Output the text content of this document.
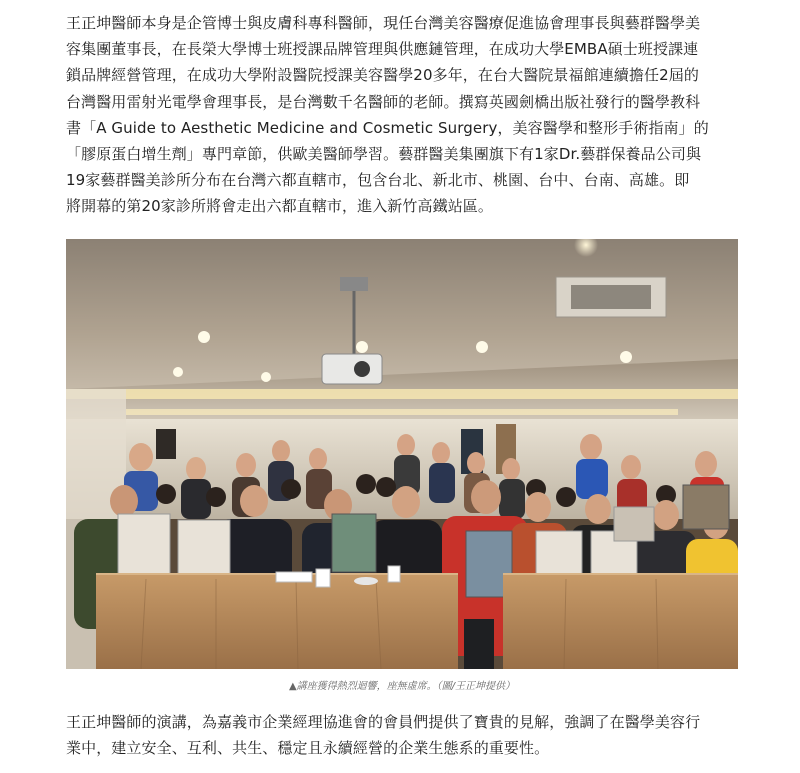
王正坤醫師本身是企管博士與皮膚科專科醫師，現任台灣美容醫療促進協會理事長與藝群醫學美
容集團董事長，在長榮大學博士班授課品牌管理與供應鏈管理，在成功大學EMBA碩士班授課連
鎖品牌經營管理，在成功大學附設醫院授課美容醫學20多年，在台大醫院景福館連續擔任2屆的
台灣醫用雷射光電學會理事長，是台灣數千名醫師的老師。撰寫英國劍橋出版社發行的醫學教科
書「A Guide to Aesthetic Medicine and Cosmetic Surgery，美容醫學和整形手術指南」的
「膠原蛋白增生劑」專門章節，供歐美醫師學習。藝群醫美集團旗下有1家Dr.藝群保養品公司與
19家藝群醫美診所分布在台灣六都直轄市，包含台北、新北市、桃園、台中、台南、高雄。即
將開幕的第20家診所將會走出六都直轄市，進入新竹高鐵站區。

▲講座獲得熱烈迴響，座無虛席。（圖/王正坤提供）

王正坤醫師的演講，為嘉義市企業經理協進會的會員們提供了寶貴的見解，強調了在醫學美容行
業中，建立安全、互利、共生、穩定且永續經營的企業生態系的重要性。
